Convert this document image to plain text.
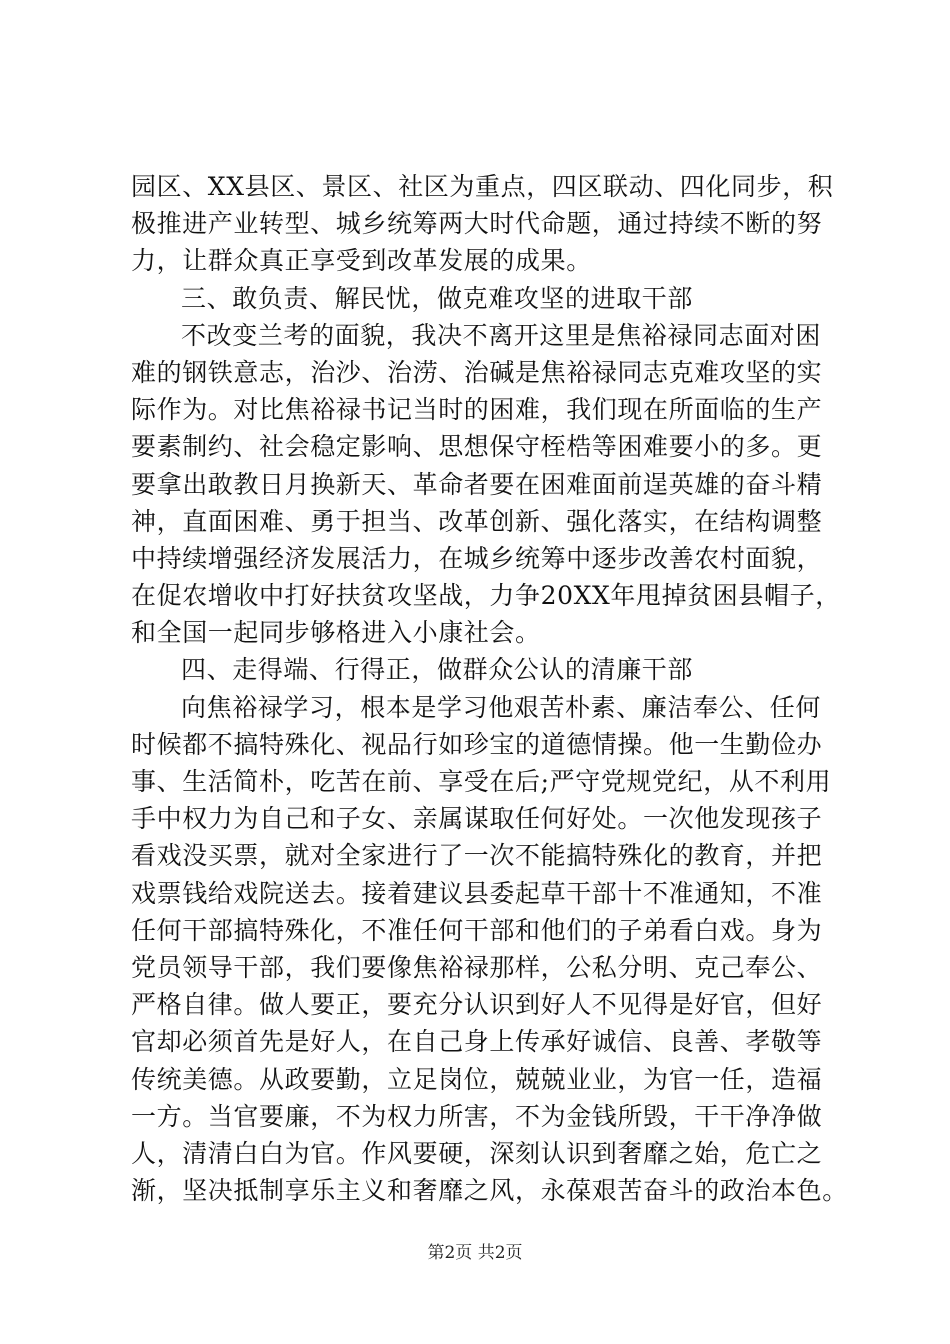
园区、XX县区、景区、社区为重点，四区联动、四化同步，积
极推进产业转型、城乡统筹两大时代命题，通过持续不断的努
力，让群众真正享受到改革发展的成果。
三、敢负责、解民忧，做克难攻坚的进取干部
不改变兰考的面貌，我决不离开这里是焦裕禄同志面对困
难的钢铁意志，治沙、治涝、治碱是焦裕禄同志克难攻坚的实
际作为。对比焦裕禄书记当时的困难，我们现在所面临的生产
要素制约、社会稳定影响、思想保守桎梏等困难要小的多。更
要拿出敢教日月换新天、革命者要在困难面前逞英雄的奋斗精
神，直面困难、勇于担当、改革创新、强化落实，在结构调整
中持续增强经济发展活力，在城乡统筹中逐步改善农村面貌，
在促农增收中打好扶贫攻坚战，力争20XX年甩掉贫困县帽子，
和全国一起同步够格进入小康社会。
四、走得端、行得正，做群众公认的清廉干部
向焦裕禄学习，根本是学习他艰苦朴素、廉洁奉公、任何
时候都不搞特殊化、视品行如珍宝的道德情操。他一生勤俭办
事、生活简朴，吃苦在前、享受在后;严守党规党纪，从不利用
手中权力为自己和子女、亲属谋取任何好处。一次他发现孩子
看戏没买票，就对全家进行了一次不能搞特殊化的教育，并把
戏票钱给戏院送去。接着建议县委起草干部十不准通知，不准
任何干部搞特殊化，不准任何干部和他们的子弟看白戏。身为
党员领导干部，我们要像焦裕禄那样，公私分明、克己奉公、
严格自律。做人要正，要充分认识到好人不见得是好官，但好
官却必须首先是好人，在自己身上传承好诚信、良善、孝敬等
传统美德。从政要勤，立足岗位，兢兢业业，为官一任，造福
一方。当官要廉，不为权力所害，不为金钱所毁，干干净净做
人，清清白白为官。作风要硬，深刻认识到奢靡之始，危亡之
渐，坚决抵制享乐主义和奢靡之风，永葆艰苦奋斗的政治本色。
第2页 共2页
